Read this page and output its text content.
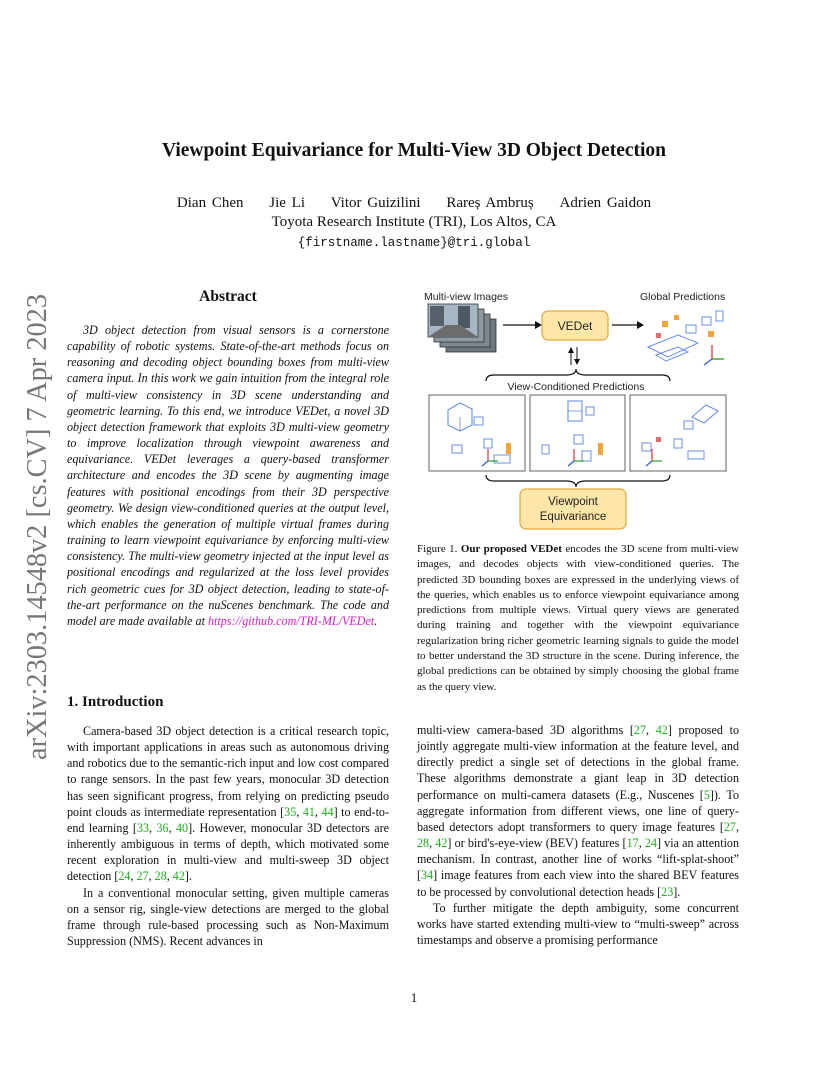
arXiv:2303.14548v2 [cs.CV] 7 Apr 2023
Viewpoint Equivariance for Multi-View 3D Object Detection
Dian Chen Jie Li Vitor Guizilini Rareș Ambruș Adrien Gaidon
Toyota Research Institute (TRI), Los Altos, CA
{firstname.lastname}@tri.global
Abstract
3D object detection from visual sensors is a cornerstone capability of robotic systems. State-of-the-art methods focus on reasoning and decoding object bounding boxes from multi-view camera input. In this work we gain intuition from the integral role of multi-view consistency in 3D scene understanding and geometric learning. To this end, we introduce VEDet, a novel 3D object detection framework that exploits 3D multi-view geometry to improve localization through viewpoint awareness and equivariance. VEDet leverages a query-based transformer architecture and encodes the 3D scene by augmenting image features with positional encodings from their 3D perspective geometry. We design view-conditioned queries at the output level, which enables the generation of multiple virtual frames during training to learn viewpoint equivariance by enforcing multi-view consistency. The multi-view geometry injected at the input level as positional encodings and regularized at the loss level provides rich geometric cues for 3D object detection, leading to state-of-the-art performance on the nuScenes benchmark. The code and model are made available at https://github.com/TRI-ML/VEDet.
Multi-view Images	Global Predictions
VEDet
View-Conditioned Predictions
Viewpoint
Equivariance
Figure 1. Our proposed VEDet encodes the 3D scene from multi-view images, and decodes objects with view-conditioned queries. The predicted 3D bounding boxes are expressed in the underlying views of the queries, which enables us to enforce viewpoint equivariance among predictions from multiple views. Virtual query views are generated during training and together with the viewpoint equivariance regularization bring richer geometric learning signals to guide the model to better understand the 3D structure in the scene. During inference, the global predictions can be obtained by simply choosing the global frame as the query view.
1. Introduction

Camera-based 3D object detection is a critical research topic, with important applications in areas such as autonomous driving and robotics due to the semantic-rich input and low cost compared to range sensors. In the past few years, monocular 3D detection has seen significant progress, from relying on predicting pseudo point clouds as intermediate representation [35, 41, 44] to end-to-end learning [33, 36, 40]. However, monocular 3D detectors are inherently ambiguous in terms of depth, which motivated some recent exploration in multi-view and multi-sweep 3D object detection [24, 27, 28, 42].

In a conventional monocular setting, given multiple cameras on a sensor rig, single-view detections are merged to the global frame through rule-based processing such as Non-Maximum Suppression (NMS). Recent advances in

multi-view camera-based 3D algorithms [27, 42] proposed to jointly aggregate multi-view information at the feature level, and directly predict a single set of detections in the global frame. These algorithms demonstrate a giant leap in 3D detection performance on multi-camera datasets (E.g., Nuscenes [5]). To aggregate information from different views, one line of query-based detectors adopt transformers to query image features [27, 28, 42] or bird's-eye-view (BEV) features [17, 24] via an attention mechanism. In contrast, another line of works “lift-splat-shoot” [34] image features from each view into the shared BEV features to be processed by convolutional detection heads [23].

To further mitigate the depth ambiguity, some concurrent works have started extending multi-view to “multi-sweep” across timestamps and observe a promising performance

1
